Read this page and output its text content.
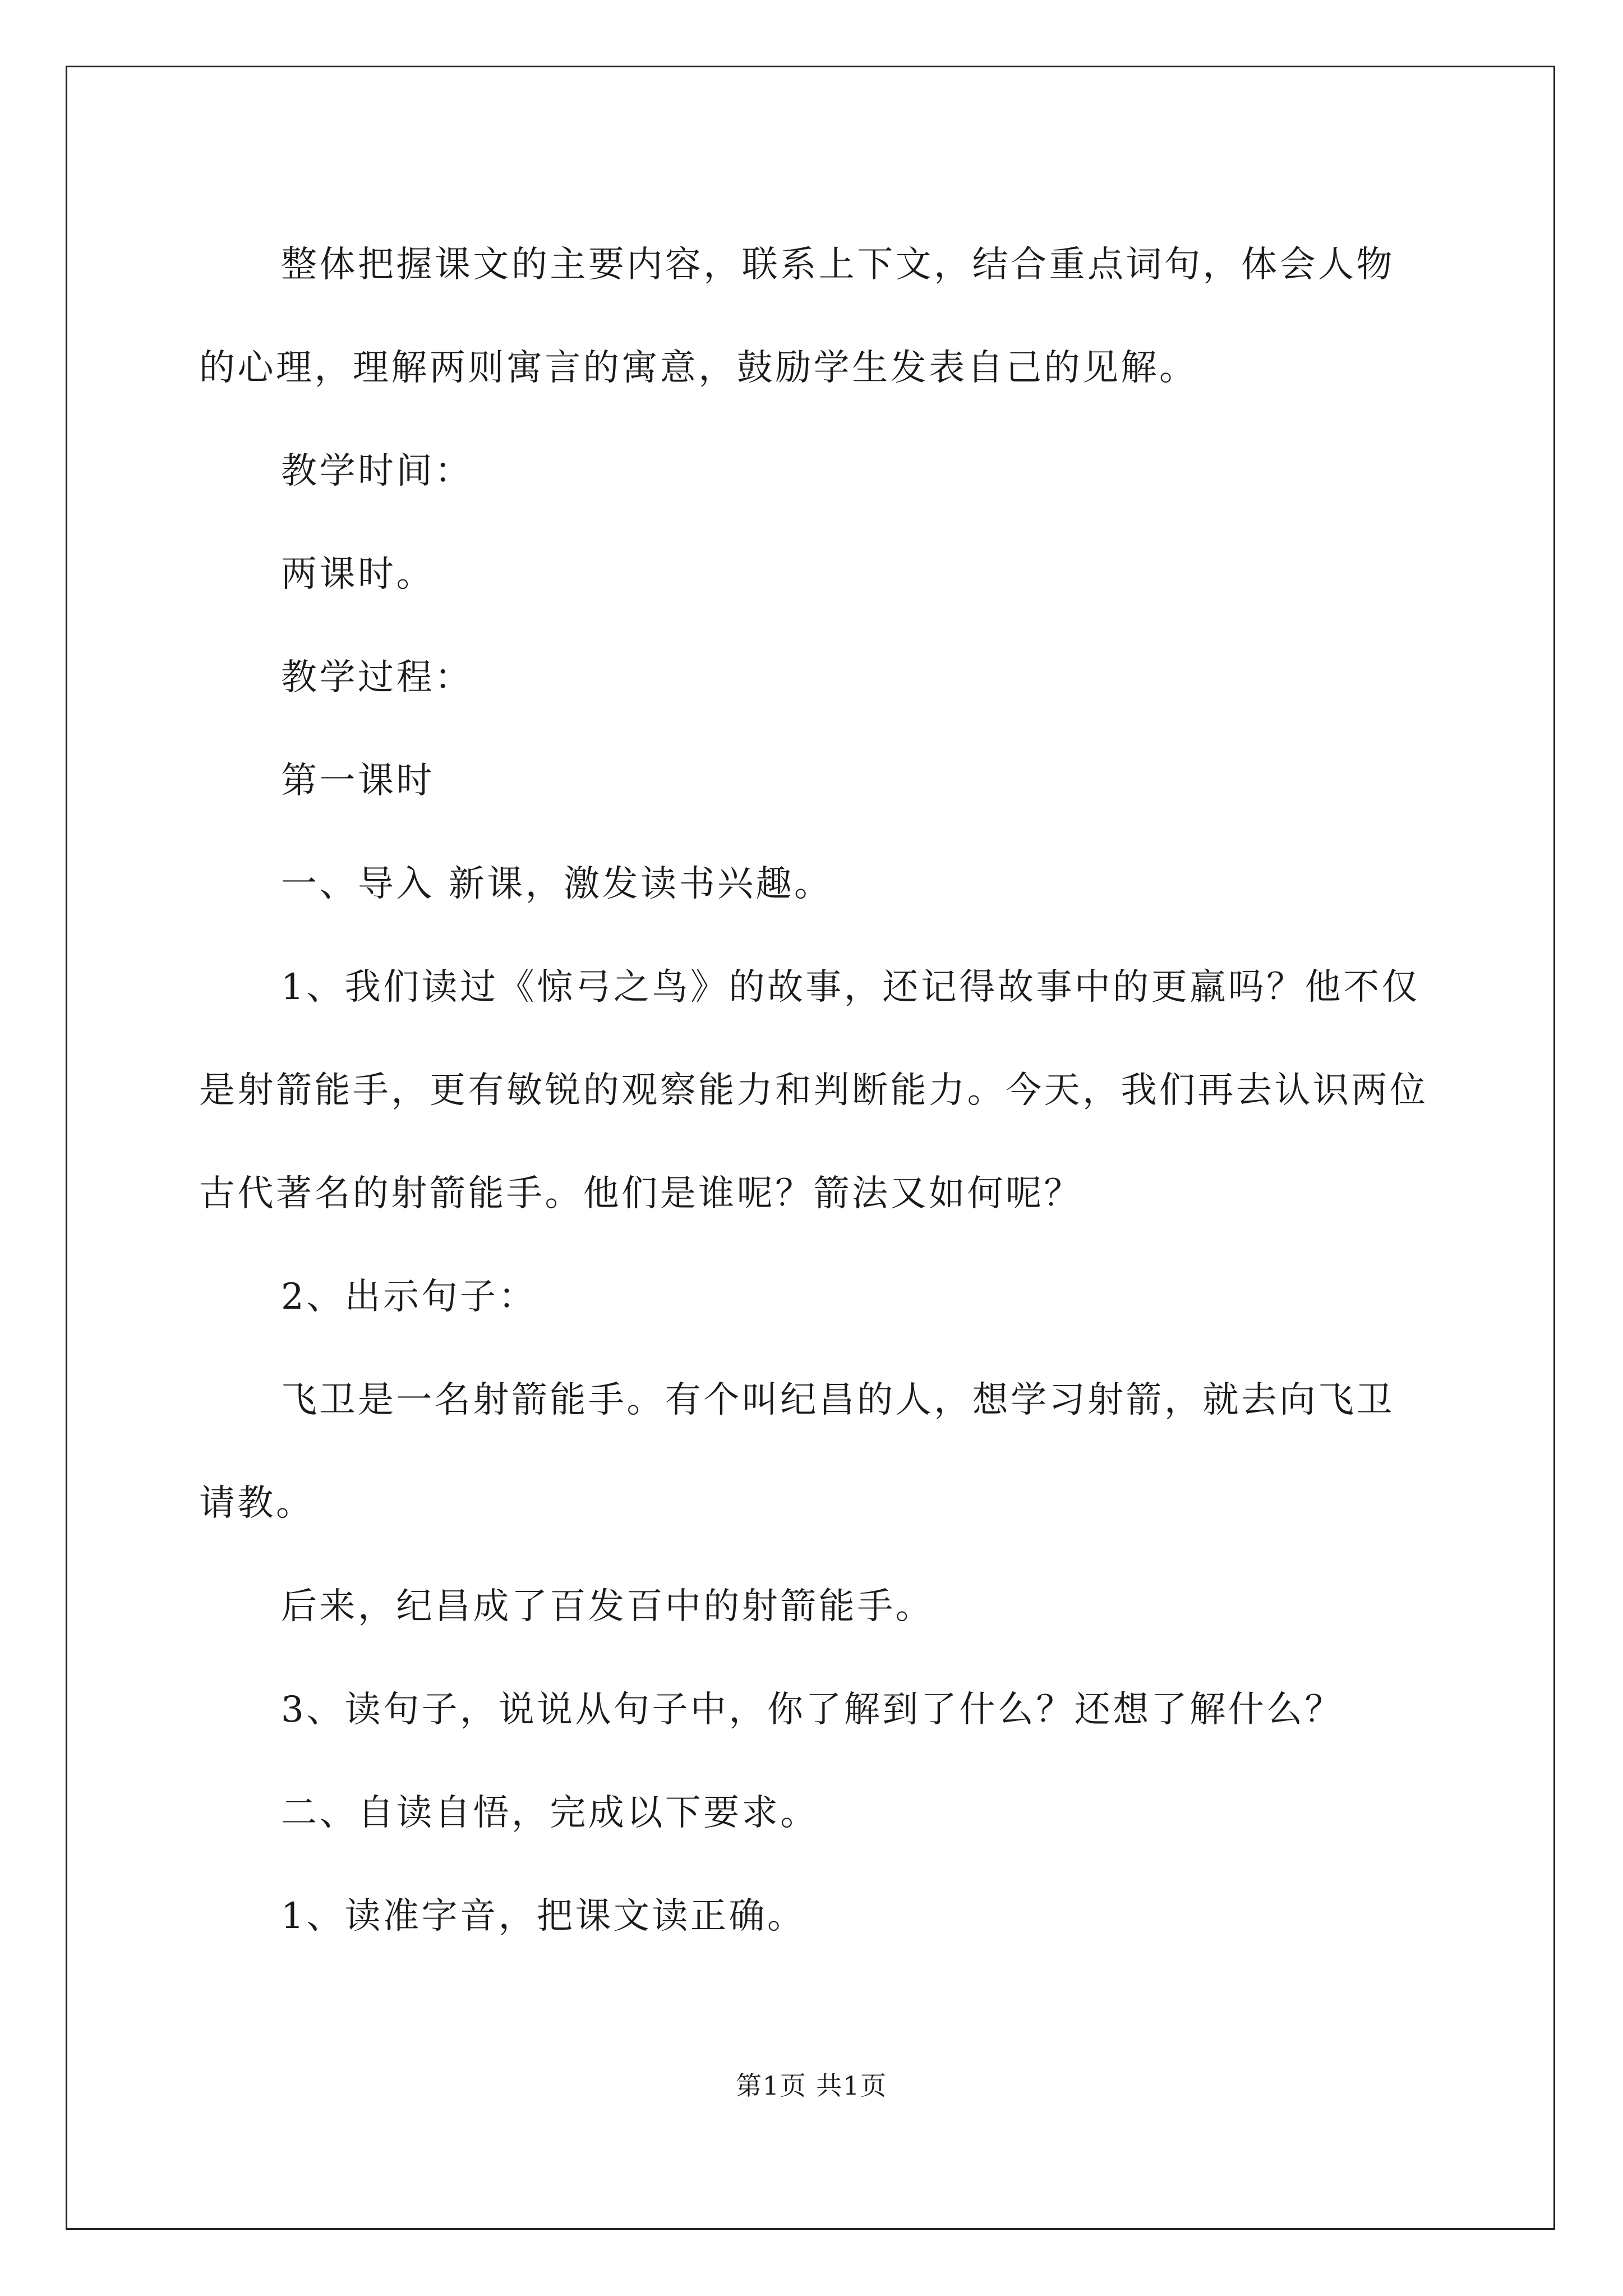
整体把握课文的主要内容，联系上下文，结合重点词句，体会人物的心理，理解两则寓言的寓意，鼓励学生发表自己的见解。
教学时间：
两课时。
教学过程：
第一课时
一、导入 新课，激发读书兴趣。
1、我们读过《惊弓之鸟》的故事，还记得故事中的更羸吗？他不仅是射箭能手，更有敏锐的观察能力和判断能力。今天，我们再去认识两位古代著名的射箭能手。他们是谁呢？箭法又如何呢？
2、出示句子：
飞卫是一名射箭能手。有个叫纪昌的人，想学习射箭，就去向飞卫请教。
后来，纪昌成了百发百中的射箭能手。
3、读句子，说说从句子中，你了解到了什么？还想了解什么？
二、自读自悟，完成以下要求。
1、读准字音，把课文读正确。
第1页 共1页
